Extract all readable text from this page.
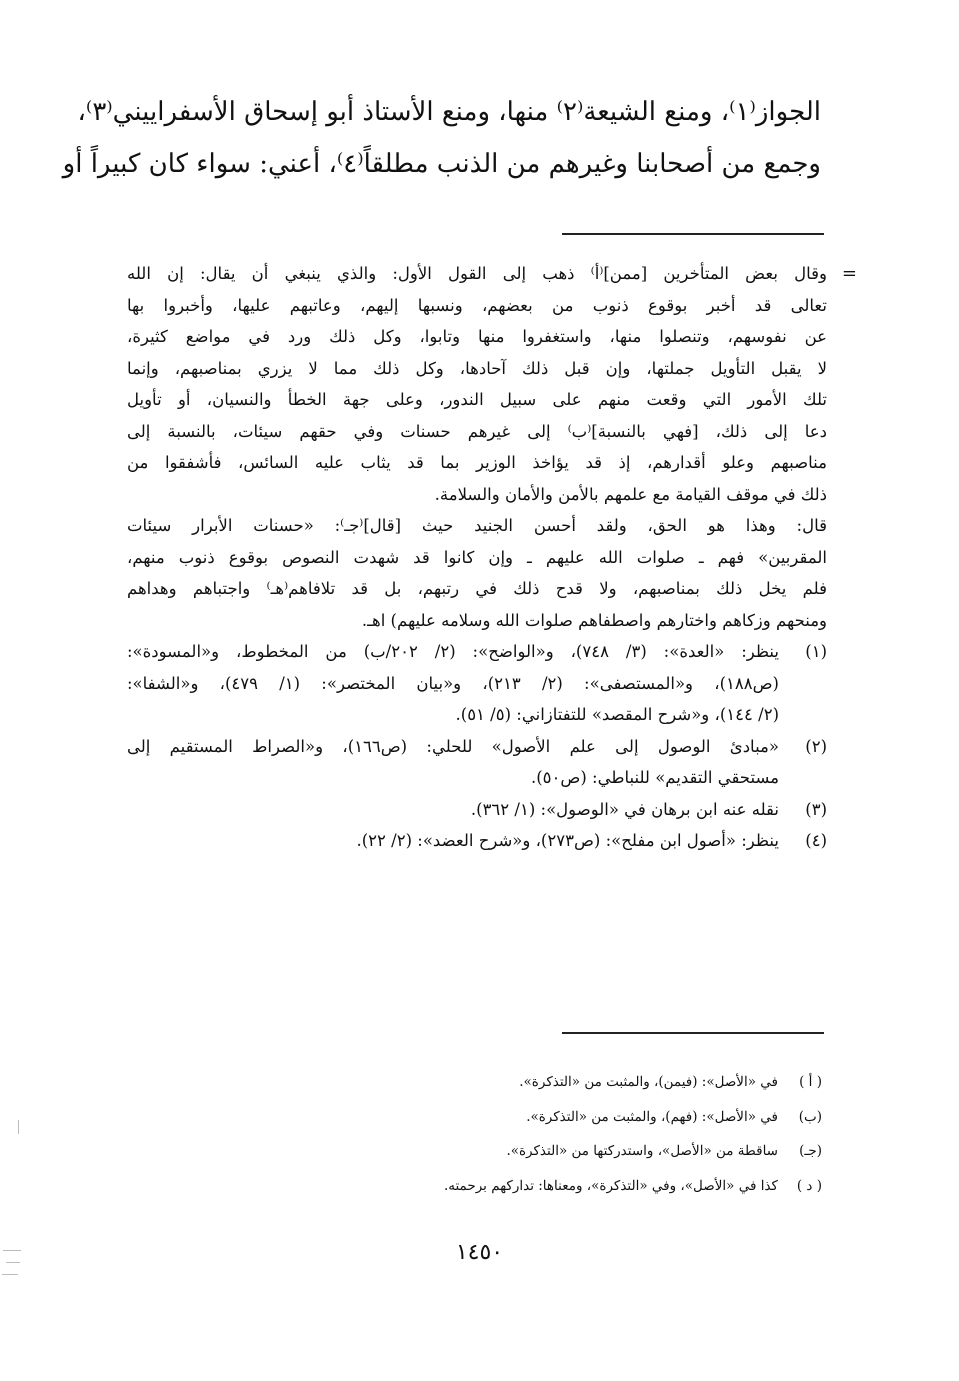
الجواز⁽١⁾، ومنع الشيعة⁽٢⁾ منها، ومنع الأستاذ أبو إسحاق الأسفراييني⁽٣⁾،
وجمع من أصحابنا وغيرهم من الذنب مطلقاً⁽٤⁾، أعني: سواء كان كبيراً أو
=
وقال بعض المتأخرين [ممن]⁽أ⁾ ذهب إلى القول الأول: والذي ينبغي أن يقال: إن الله
تعالى قد أخبر بوقوع ذنوب من بعضهم، ونسبها إليهم، وعاتبهم عليها، وأخبروا بها
عن نفوسهم، وتنصلوا منها، واستغفروا منها وتابوا، وكل ذلك ورد في مواضع كثيرة،
لا يقبل التأويل جملتها، وإن قبل ذلك آحادها، وكل ذلك مما لا يزري بمناصبهم، وإنما
تلك الأمور التي وقعت منهم على سبيل الندور، وعلى جهة الخطأ والنسيان، أو تأويل
دعا إلى ذلك، [فهي بالنسبة]⁽ب⁾ إلى غيرهم حسنات وفي حقهم سيئات، بالنسبة إلى
مناصبهم وعلو أقدارهم، إذ قد يؤاخذ الوزير بما قد يثاب عليه السائس، فأشفقوا من
ذلك في موقف القيامة مع علمهم بالأمن والأمان والسلامة.
قال: وهذا هو الحق، ولقد أحسن الجنيد حيث [قال]⁽جـ⁾: «حسنات الأبرار سيئات
المقربين» فهم ـ صلوات الله عليهم ـ وإن كانوا قد شهدت النصوص بوقوع ذنوب منهم،
فلم يخل ذلك بمناصبهم، ولا قدح ذلك في رتبهم، بل قد تلافاهم⁽هـ⁾ واجتباهم وهداهم
ومنحهم وزكاهم واختارهم واصطفاهم صلوات الله وسلامه عليهم) اهـ.
(١)
ينظر: «العدة»: (٣/ ٧٤٨)، و«الواضح»: (٢/ ٢٠٢/ب) من المخطوط، و«المسودة»:
(ص١٨٨)، و«المستصفى»: (٢/ ٢١٣)، و«بيان المختصر»: (١/ ٤٧٩)، و«الشفا»:
(٢/ ١٤٤)، و«شرح المقصد» للتفتازاني: (٥/ ٥١).
(٢)
«مبادئ الوصول إلى علم الأصول» للحلي: (ص١٦٦)، و«الصراط المستقيم إلى
مستحقي التقديم» للنباطي: (ص٥٠).
(٣)
نقله عنه ابن برهان في «الوصول»: (١/ ٣٦٢).
(٤)
ينظر: «أصول ابن مفلح»: (ص٢٧٣)، و«شرح العضد»: (٢/ ٢٢).
( أ )
في «الأصل»: (فيمن)، والمثبت من «التذكرة».
(ب)
في «الأصل»: (فهم)، والمثبت من «التذكرة».
(جـ)
ساقطة من «الأصل»، واستدركتها من «التذكرة».
( د )
كذا في «الأصل»، وفي «التذكرة»، ومعناها: تداركهم برحمته.
١٤٥٠
